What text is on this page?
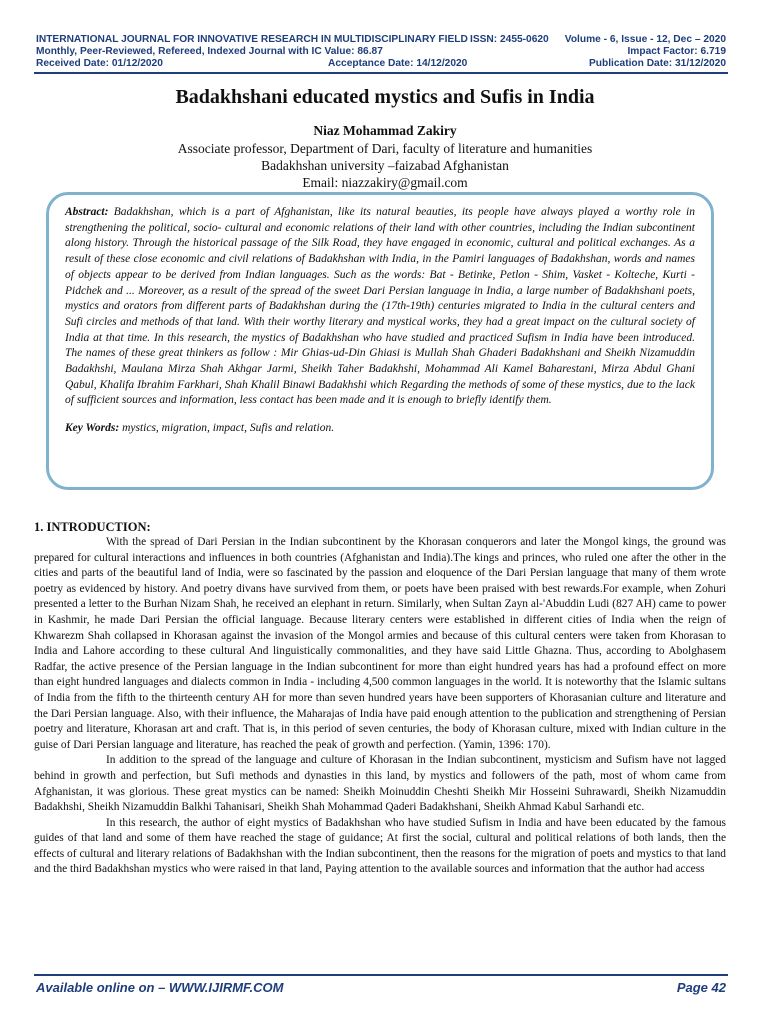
INTERNATIONAL JOURNAL FOR INNOVATIVE RESEARCH IN MULTIDISCIPLINARY FIELD ISSN: 2455-0620 Volume - 6, Issue - 12, Dec – 2020
Monthly, Peer-Reviewed, Refereed, Indexed Journal with IC Value: 86.87	Impact Factor: 6.719
Received Date: 01/12/2020	Acceptance Date: 14/12/2020	Publication Date: 31/12/2020
Badakhshani educated mystics and Sufis in India
Niaz Mohammad Zakiry
Associate professor, Department of Dari, faculty of literature and humanities
Badakhshan university –faizabad Afghanistan
Email: niazzakiry@gmail.com
Abstract: Badakhshan, which is a part of Afghanistan, like its natural beauties, its people have always played a worthy role in strengthening the political, socio- cultural and economic relations of their land with other countries, including the Indian subcontinent along history. Through the historical passage of the Silk Road, they have engaged in economic, cultural and political exchanges. As a result of these close economic and civil relations of Badakhshan with India, in the Pamiri languages of Badakhshan, words and names of objects appear to be derived from Indian languages. Such as the words: Bat - Betinke, Petlon - Shim, Vasket - Kolteche, Kurti - Pidchek and ... Moreover, as a result of the spread of the sweet Dari Persian language in India, a large number of Badakhshani poets, mystics and orators from different parts of Badakhshan during the (17th-19th) centuries migrated to India in the cultural centers and Sufi circles and methods of that land. With their worthy literary and mystical works, they had a great impact on the cultural society of India at that time. In this research, the mystics of Badakhshan who have studied and practiced Sufism in India have been introduced. The names of these great thinkers as follow : Mir Ghias-ud-Din Ghiasi is Mullah Shah Ghaderi Badakhshani and Sheikh Nizamuddin Badakhshi, Maulana Mirza Shah Akhgar Jarmi, Sheikh Taher Badakhshi, Mohammad Ali Kamel Baharestani, Mirza Abdul Ghani Qabul, Khalifa Ibrahim Farkhari, Shah Khalil Binawi Badakhshi which Regarding the methods of some of these mystics, due to the lack of sufficient sources and information, less contact has been made and it is enough to briefly identify them.
Key Words: mystics, migration, impact, Sufis and relation.
1. INTRODUCTION:

With the spread of Dari Persian in the Indian subcontinent by the Khorasan conquerors and later the Mongol kings, the ground was prepared for cultural interactions and influences in both countries (Afghanistan and India).The kings and princes, who ruled one after the other in the cities and parts of the beautiful land of India, were so fascinated by the passion and eloquence of the Dari Persian language that many of them wrote poetry as evidenced by history. And poetry divans have survived from them, or poets have been praised with best rewards.For example, when Zohuri presented a letter to the Burhan Nizam Shah, he received an elephant in return. Similarly, when Sultan Zayn al-'Abuddin Ludi (827 AH) came to power in Kashmir, he made Dari Persian the official language. Because literary centers were established in different cities of India when the reign of Khwarezm Shah collapsed in Khorasan against the invasion of the Mongol armies and because of this cultural centers were taken from Khorasan to India and Lahore according to these cultural And linguistically commonalities, and they have said Little Ghazna. Thus, according to Abolghasem Radfar, the active presence of the Persian language in the Indian subcontinent for more than eight hundred years has had a profound effect on more than eight hundred languages and dialects common in India - including 4,500 common languages in the world. It is noteworthy that the Islamic sultans of India from the fifth to the thirteenth century AH for more than seven hundred years have been supporters of Khorasanian culture and literature and the Dari Persian language. Also, with their influence, the Maharajas of India have paid enough attention to the publication and strengthening of Persian poetry and literature, Khorasan art and craft. That is, in this period of seven centuries, the body of Khorasan culture, mixed with Indian culture in the guise of Dari Persian language and literature, has reached the peak of growth and perfection. (Yamin, 1396: 170).

In addition to the spread of the language and culture of Khorasan in the Indian subcontinent, mysticism and Sufism have not lagged behind in growth and perfection, but Sufi methods and dynasties in this land, by mystics and followers of the path, most of whom came from Afghanistan, it was glorious. These great mystics can be named: Sheikh Moinuddin Cheshti Sheikh Mir Hosseini Suhrawardi, Sheikh Nizamuddin Badakhshi, Sheikh Nizamuddin Balkhi Tahanisari, Sheikh Shah Mohammad Qaderi Badakhshani, Sheikh Ahmad Kabul Sarhandi etc.

In this research, the author of eight mystics of Badakhshan who have studied Sufism in India and have been educated by the famous guides of that land and some of them have reached the stage of guidance; At first the social, cultural and political relations of both lands, then the effects of cultural and literary relations of Badakhshan with the Indian subcontinent, then the reasons for the migration of poets and mystics to that land and the third Badakhshan mystics who were raised in that land, Paying attention to the available sources and information that the author had access

Available online on – WWW.IJIRMF.COM	Page 42
